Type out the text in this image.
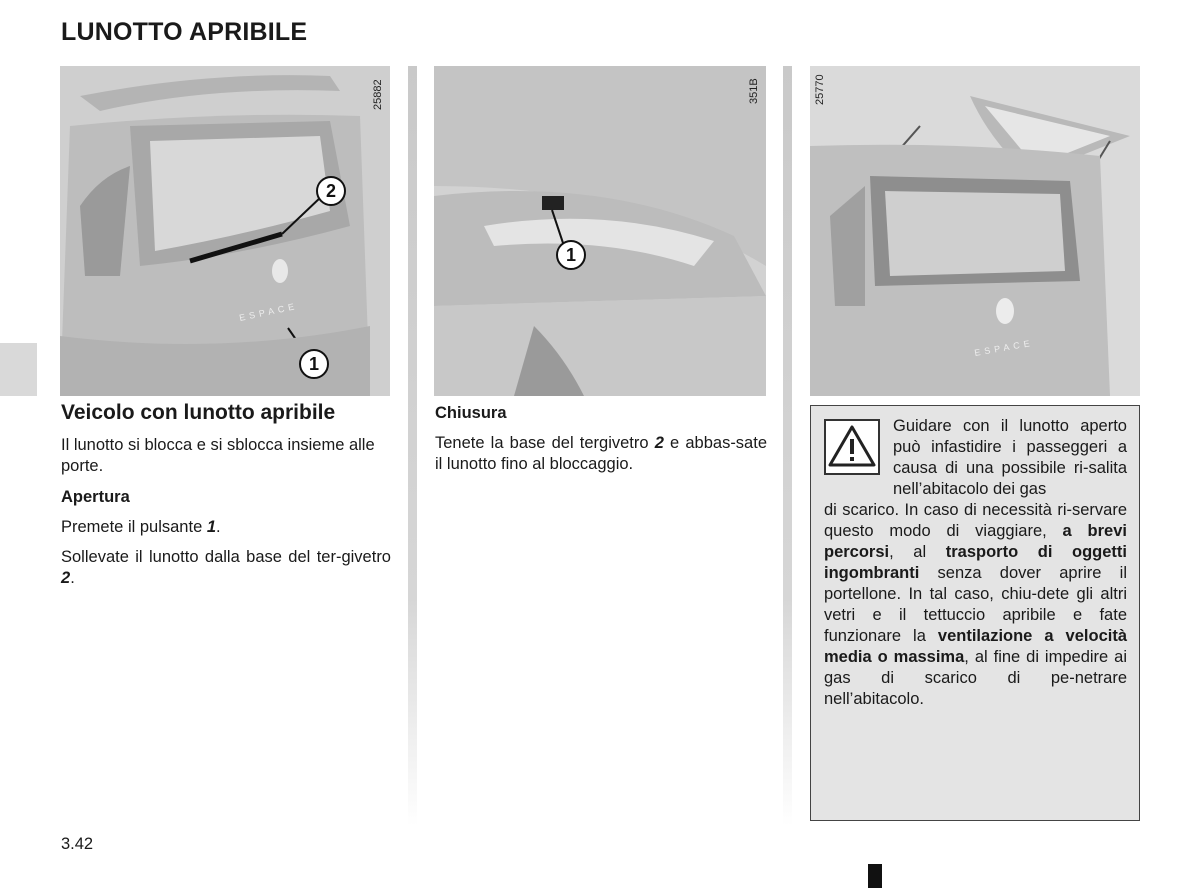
LUNOTTO APRIBILE
ESPACE
25882
2
1
351B
1
ESPACE
25770
Veicolo con lunotto apribile
Il lunotto si blocca e si sblocca insieme alle porte.
Apertura
Premete il pulsante 1.
Sollevate il lunotto dalla base del ter-givetro 2.
Chiusura
Tenete la base del tergivetro 2 e abbas-sate il lunotto fino al bloccaggio.
Guidare con il lunotto aperto può infastidire i passeggeri a causa di una possibile ri-salita nell’abitacolo dei gas
di scarico. In caso di necessità ri-servare questo modo di viaggiare, a brevi percorsi, al trasporto di oggetti ingombranti senza dover aprire il portellone. In tal caso, chiu-dete gli altri vetri e il tettuccio apribile e fate funzionare la ventilazione a velocità media o massima, al fine di impedire ai gas di scarico di pe-netrare nell’abitacolo.
3.42
